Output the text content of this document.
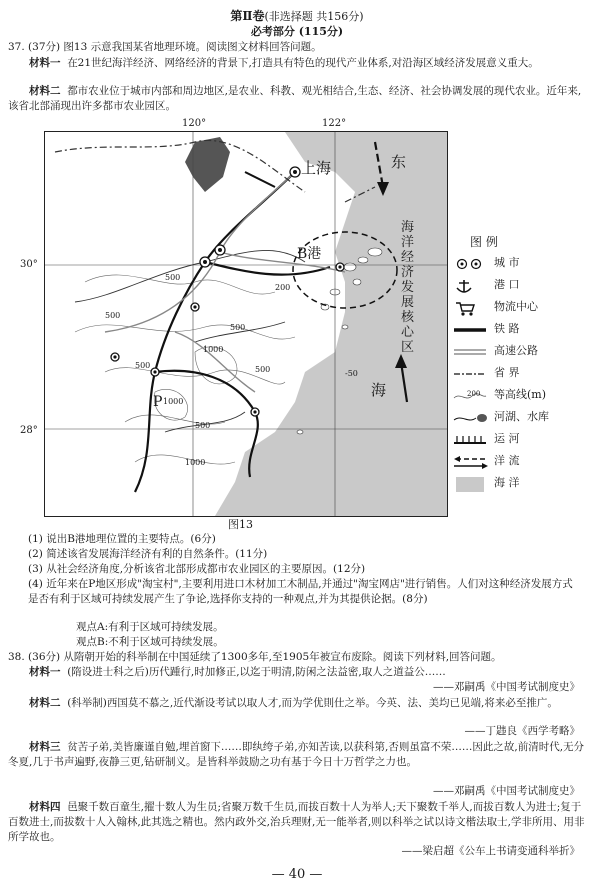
第Ⅱ卷(非选择题 共156分)
必考部分 (115分)
37. (37分) 图13 示意我国某省地理环境。阅读图文材料回答问题。
材料一 在21世纪海洋经济、网络经济的背景下,打造具有特色的现代产业体系,对沿海区域经济发展意义重大。
材料二 都市农业位于城市内部和周边地区,是农业、科教、观光相结合,生态、经济、社会协调发展的现代农业。近年来,该省北部涌现出许多都市农业园区。
120°	122°
30°
28°
上海
B港
P
东
海
海洋经济发展核心区
-50
500
500
1000
500
500
1000
500
1000
500
200
图 例
城 市
港 口
物流中心
铁 路
高速公路
省 界
200 等高线(m)
河湖、水库
运 河
洋 流
海 洋
图13
(1) 说出B港地理位置的主要特点。(6分)
(2) 简述该省发展海洋经济有利的自然条件。(11分)
(3) 从社会经济角度,分析该省北部形成都市农业园区的主要原因。(12分)
(4) 近年来在P地区形成"淘宝村",主要利用进口木材加工木制品,并通过"淘宝网店"进行销售。人们对这种经济发展方式是否有利于区域可持续发展产生了争论,选择你支持的一种观点,并为其提供论据。(8分)
观点A:有利于区域可持续发展。
观点B:不利于区域可持续发展。
38. (36分) 从隋朝开始的科举制在中国延续了1300多年,至1905年被宣布废除。阅读下列材料,回答问题。
材料一 (隋设进士科之后)历代踵行,时加修正,以迄于明清,防闲之法益密,取人之道益公……
——邓嗣禹《中国考试制度史》
材料二 (科举制)西国莫不慕之,近代渐设考试以取人才,而为学优則仕之举。今英、法、美均已见端,将来必至推广。
——丁韪良《西学考略》
材料三 贫苦子弟,美皆廉谨自勉,埋首窗下……即纨绔子弟,亦知苦读,以获科第,否则虽富不荣……因此之故,前清时代,无分冬夏,几于书声遍野,夜静三更,钻研制义。是皆科举鼓励之功有基于今日十万哲学之力也。
——邓嗣禹《中国考试制度史》
材料四 邑聚千数百童生,擢十数人为生员;省聚万数千生员,而拔百数十人为举人;天下聚数千举人,而拔百数人为进士;复于百数进士,而拔数十人入翰林,此其选之精也。然内政外交,治兵理财,无一能举者,则以科举之试以诗文楷法取士,学非所用、用非所学故也。
——梁启超《公车上书请变通科举折》
— 40 —
